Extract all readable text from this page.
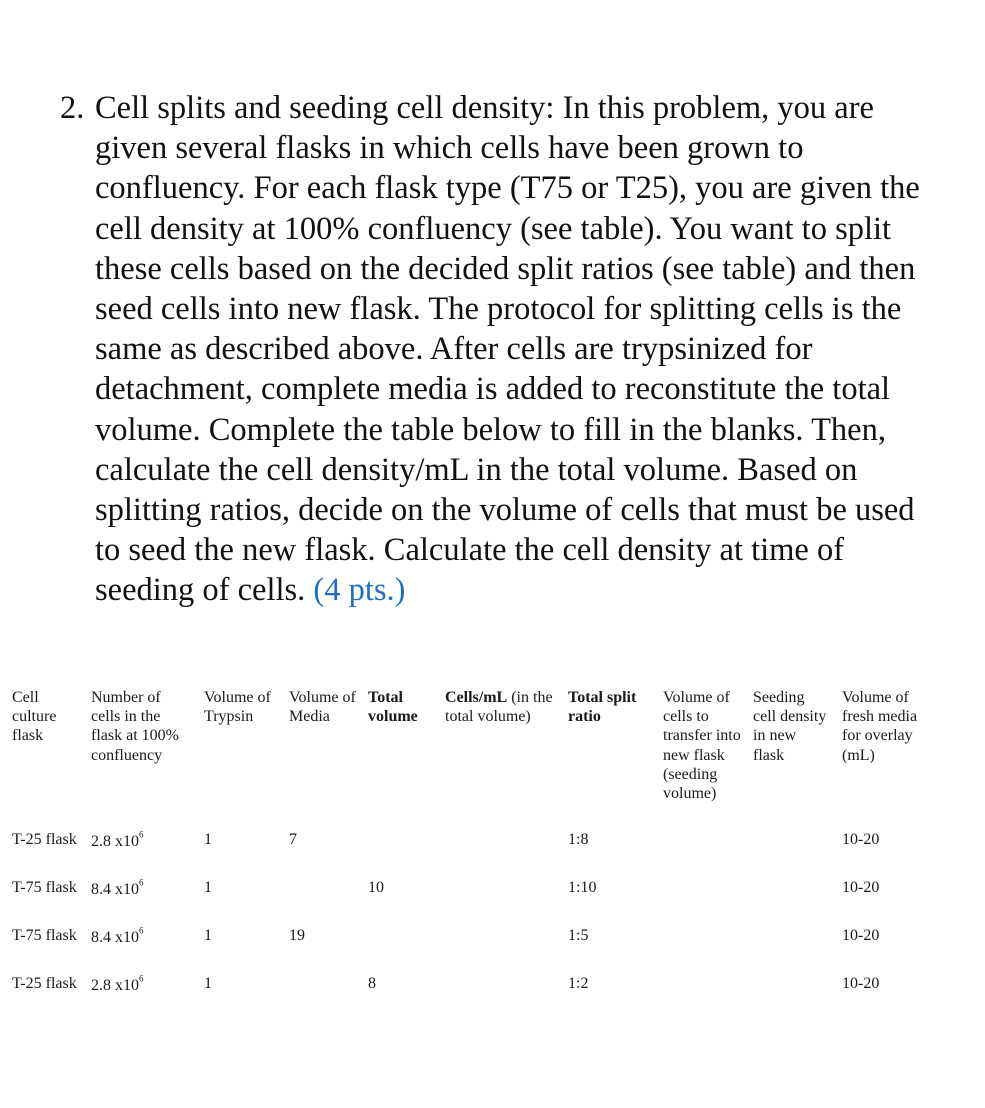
2. Cell splits and seeding cell density: In this problem, you are given several flasks in which cells have been grown to confluency. For each flask type (T75 or T25), you are given the cell density at 100% confluency (see table). You want to split these cells based on the decided split ratios (see table) and then seed cells into new flask. The protocol for splitting cells is the same as described above. After cells are trypsinized for detachment, complete media is added to reconstitute the total volume. Complete the table below to fill in the blanks. Then, calculate the cell density/mL in the total volume. Based on splitting ratios, decide on the volume of cells that must be used to seed the new flask. Calculate the cell density at time of seeding of cells. (4 pts.)
Cell culture flask	Number of cells in the flask at 100% confluency	Volume of Trypsin	Volume of Media	Total volume	Cells/mL (in the total volume)	Total split ratio	Volume of cells to transfer into new flask (seeding volume)	Seeding cell density in new flask	Volume of fresh media for overlay (mL)
T-25 flask	2.8 $x10^6$	1	7			1:8			10-20
T-75 flask	8.4 $x10^6$	1		10		1:10			10-20
T-75 flask	8.4 $x10^6$	1	19			1:5			10-20
T-25 flask	2.8 $x10^6$	1		8		1:2			10-20
